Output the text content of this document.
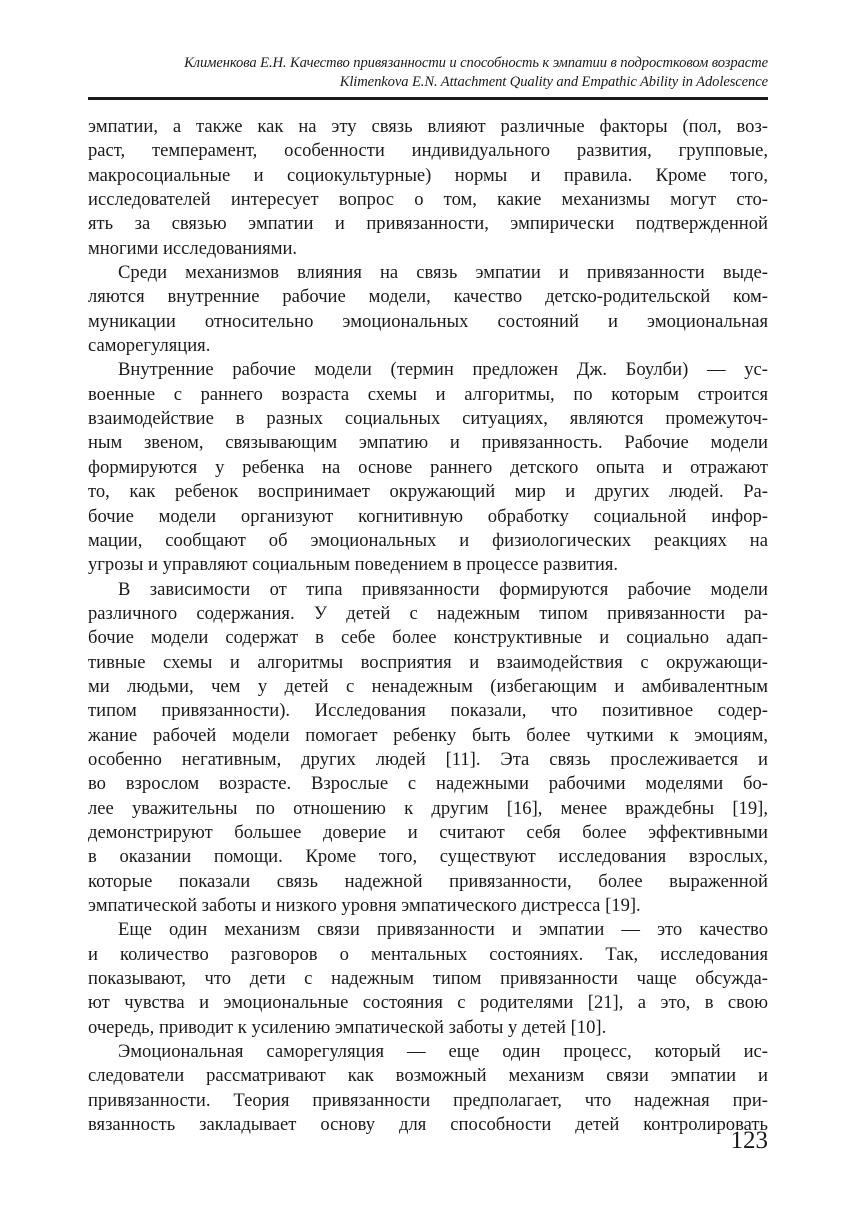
Клименкова Е.Н. Качество привязанности и способность к эмпатии в подростковом возрасте
Klimenkova E.N. Attachment Quality and Empathic Ability in Adolescence
эмпатии, а также как на эту связь влияют различные факторы (пол, воз-
раст, темперамент, особенности индивидуального развития, групповые,
макросоциальные и социокультурные) нормы и правила. Кроме того,
исследователей интересует вопрос о том, какие механизмы могут сто-
ять за связью эмпатии и привязанности, эмпирически подтвержденной
многими исследованиями.
Среди механизмов влияния на связь эмпатии и привязанности выде-
ляются внутренние рабочие модели, качество детско-родительской ком-
муникации относительно эмоциональных состояний и эмоциональная
саморегуляция.
Внутренние рабочие модели (термин предложен Дж. Боулби) — ус-
военные с раннего возраста схемы и алгоритмы, по которым строится
взаимодействие в разных социальных ситуациях, являются промежуточ-
ным звеном, связывающим эмпатию и привязанность. Рабочие модели
формируются у ребенка на основе раннего детского опыта и отражают
то, как ребенок воспринимает окружающий мир и других людей. Ра-
бочие модели организуют когнитивную обработку социальной инфор-
мации, сообщают об эмоциональных и физиологических реакциях на
угрозы и управляют социальным поведением в процессе развития.
В зависимости от типа привязанности формируются рабочие модели
различного содержания. У детей с надежным типом привязанности ра-
бочие модели содержат в себе более конструктивные и социально адап-
тивные схемы и алгоритмы восприятия и взаимодействия с окружающи-
ми людьми, чем у детей с ненадежным (избегающим и амбивалентным
типом привязанности). Исследования показали, что позитивное содер-
жание рабочей модели помогает ребенку быть более чуткими к эмоциям,
особенно негативным, других людей [11]. Эта связь прослеживается и
во взрослом возрасте. Взрослые с надежными рабочими моделями бо-
лее уважительны по отношению к другим [16], менее враждебны [19],
демонстрируют большее доверие и считают себя более эффективными
в оказании помощи. Кроме того, существуют исследования взрослых,
которые показали связь надежной привязанности, более выраженной
эмпатической заботы и низкого уровня эмпатического дистресса [19].
Еще один механизм связи привязанности и эмпатии — это качество
и количество разговоров о ментальных состояниях. Так, исследования
показывают, что дети с надежным типом привязанности чаще обсужда-
ют чувства и эмоциональные состояния с родителями [21], а это, в свою
очередь, приводит к усилению эмпатической заботы у детей [10].
Эмоциональная саморегуляция — еще один процесс, который ис-
следователи рассматривают как возможный механизм связи эмпатии и
привязанности. Теория привязанности предполагает, что надежная при-
вязанность закладывает основу для способности детей контролировать
123
